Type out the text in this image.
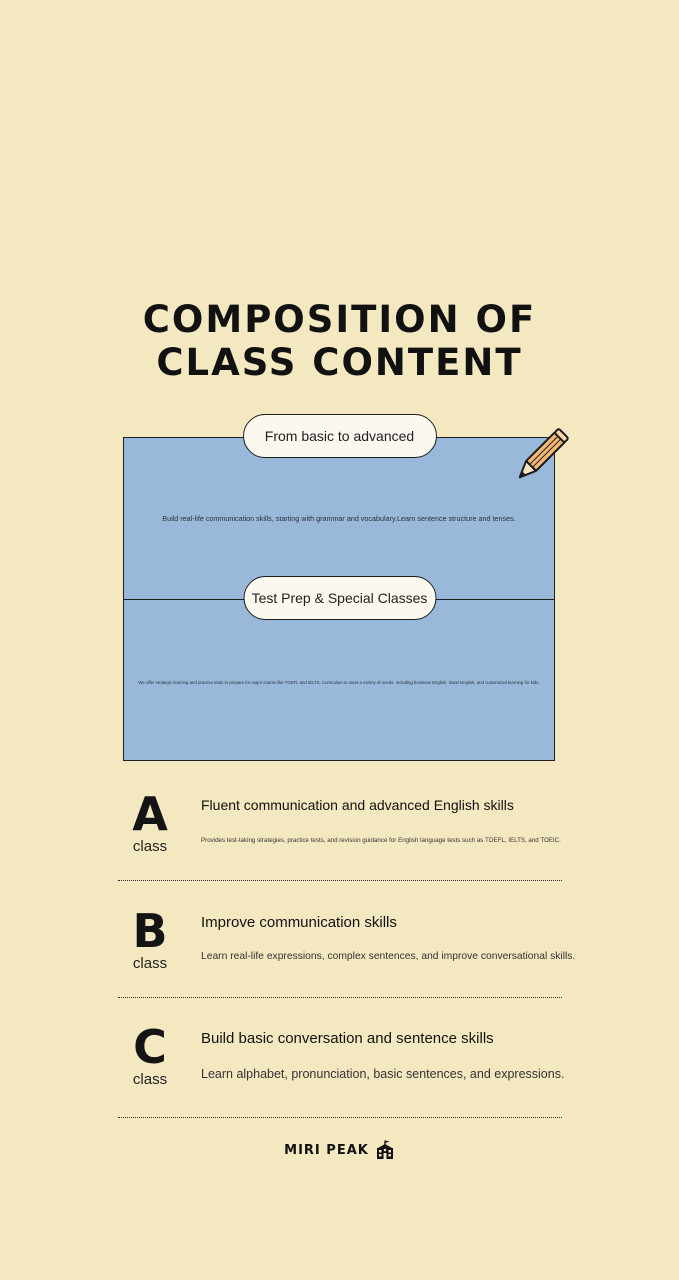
COMPOSITION OF
CLASS CONTENT
Build real-life communication skills, starting with grammar and vocabulary.Learn sentence structure and tenses.
We offer strategic learning and practice tests to prepare for major exams like TOEFL and IELTS. Curriculum to meet a variety of needs, including business English, travel English, and customized learning for kids.
From basic to advanced
Test Prep & Special Classes
A
class
Fluent communication and advanced English skills
Provides test-taking strategies, practice tests, and revision guidance for English language tests such as TOEFL, IELTS, and TOEIC.
B
class
Improve communication skills
Learn real-life expressions, complex sentences, and improve conversational skills.
C
class
Build basic conversation and sentence skills
Learn alphabet, pronunciation, basic sentences, and expressions.
MIRI PEAK
